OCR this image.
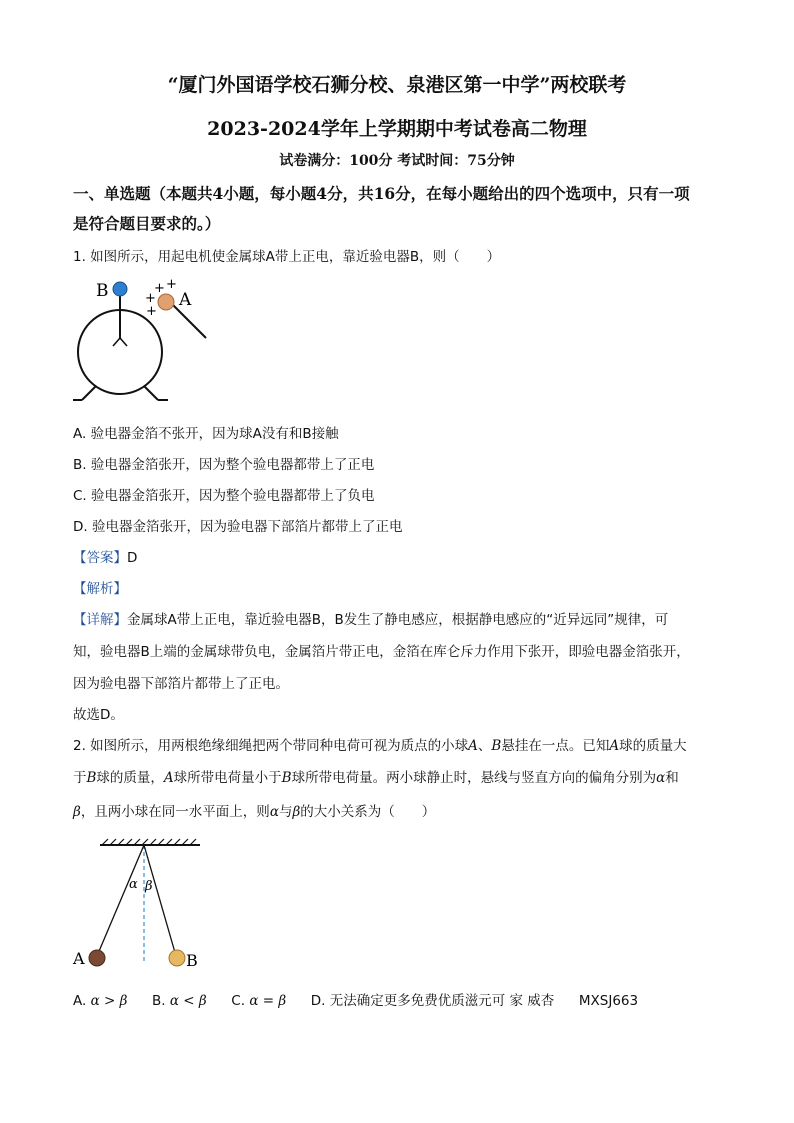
“厦门外国语学校石狮分校、泉港区第一中学”两校联考
2023-2024学年上学期期中考试卷高二物理
试卷满分：100分 考试时间：75分钟
一、单选题（本题共4小题，每小题4分，共16分，在每小题给出的四个选项中，只有一项
是符合题目要求的。）
1. 如图所示，用起电机使金属球A带上正电，靠近验电器B，则（　　）
B	A
+ +
+
+
A. 验电器金箔不张开，因为球A没有和B接触
B. 验电器金箔张开，因为整个验电器都带上了正电
C. 验电器金箔张开，因为整个验电器都带上了负电
D. 验电器金箔张开，因为验电器下部箔片都带上了正电
【答案】D
【解析】
【详解】金属球A带上正电，靠近验电器B，B发生了静电感应，根据静电感应的“近异远同”规律，可
知，验电器B上端的金属球带负电，金属箔片带正电，金箔在库仑斥力作用下张开，即验电器金箔张开，
因为验电器下部箔片都带上了正电。
故选D。
2. 如图所示，用两根绝缘细绳把两个带同种电荷可视为质点的小球A、B悬挂在一点。已知A球的质量大
于B球的质量，A球所带电荷量小于B球所带电荷量。两小球静止时，悬线与竖直方向的偏角分别为α和
β，且两小球在同一水平面上，则α与β的大小关系为（　　）
α β
A	B
A. α > β B. α < β C. α = β D. 无法确定更多免费优质滋元可 家 威杏 MXSJ663
